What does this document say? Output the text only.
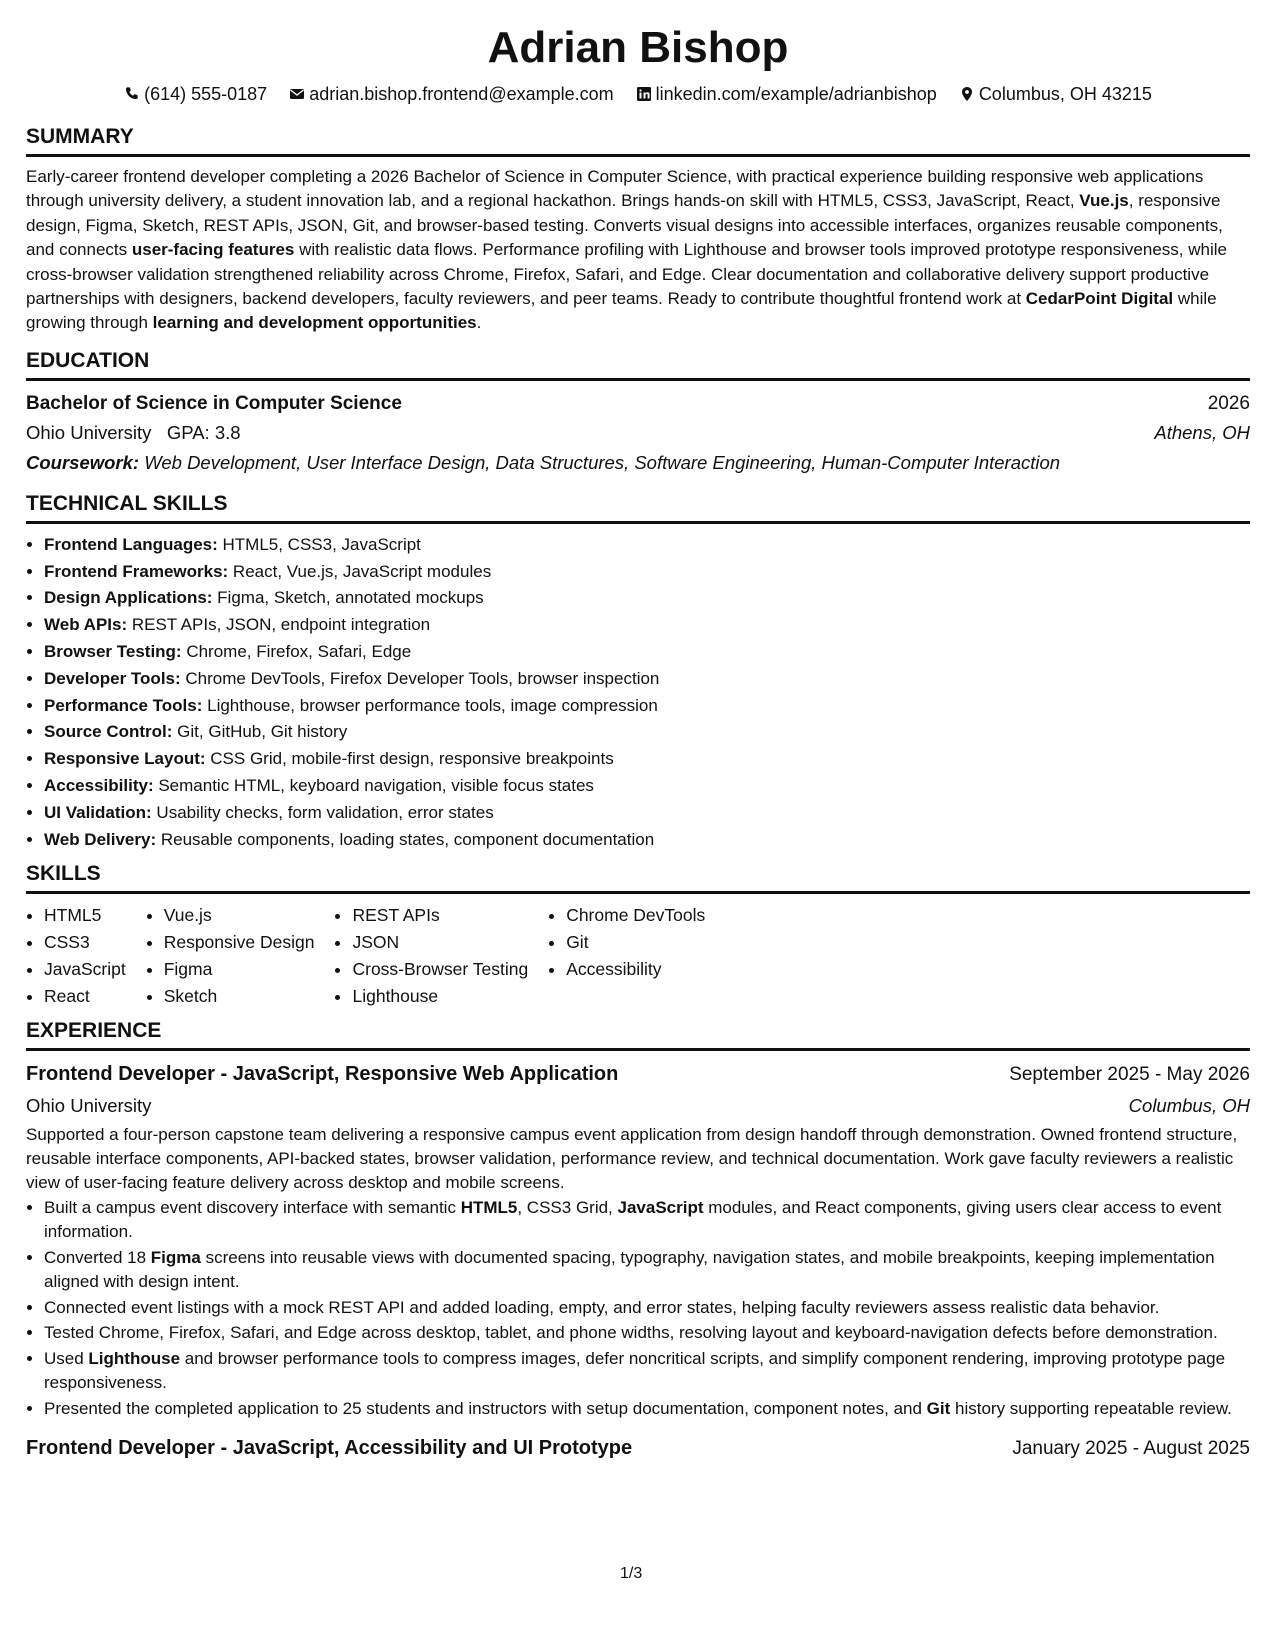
Adrian Bishop
(614) 555-0187 adrian.bishop.frontend@example.com linkedin.com/example/adrianbishop Columbus, OH 43215
SUMMARY

Early-career frontend developer completing a 2026 Bachelor of Science in Computer Science, with practical experience building responsive web applications through university delivery, a student innovation lab, and a regional hackathon. Brings hands-on skill with HTML5, CSS3, JavaScript, React, Vue.js, responsive design, Figma, Sketch, REST APIs, JSON, Git, and browser-based testing. Converts visual designs into accessible interfaces, organizes reusable components, and connects user-facing features with realistic data flows. Performance profiling with Lighthouse and browser tools improved prototype responsiveness, while cross-browser validation strengthened reliability across Chrome, Firefox, Safari, and Edge. Clear documentation and collaborative delivery support productive partnerships with designers, backend developers, faculty reviewers, and peer teams. Ready to contribute thoughtful frontend work at CedarPoint Digital while growing through learning and development opportunities.

EDUCATION
Bachelor of Science in Computer Science	2026
Ohio University GPA: 3.8	Athens, OH
Coursework: Web Development, User Interface Design, Data Structures, Software Engineering, Human-Computer Interaction
TECHNICAL SKILLS
• Frontend Languages: HTML5, CSS3, JavaScript
• Frontend Frameworks: React, Vue.js, JavaScript modules
• Design Applications: Figma, Sketch, annotated mockups
• Web APIs: REST APIs, JSON, endpoint integration
• Browser Testing: Chrome, Firefox, Safari, Edge
• Developer Tools: Chrome DevTools, Firefox Developer Tools, browser inspection
• Performance Tools: Lighthouse, browser performance tools, image compression
• Source Control: Git, GitHub, Git history
• Responsive Layout: CSS Grid, mobile-first design, responsive breakpoints
• Accessibility: Semantic HTML, keyboard navigation, visible focus states
• UI Validation: Usability checks, form validation, error states
• Web Delivery: Reusable components, loading states, component documentation
SKILLS
• HTML5
• CSS3
• JavaScript
• React
• Vue.js
• Responsive Design
• Figma
• Sketch
• REST APIs
• JSON
• Cross-Browser Testing
• Lighthouse
• Chrome DevTools
• Git
• Accessibility
EXPERIENCE
Frontend Developer - JavaScript, Responsive Web Application	September 2025 - May 2026
Ohio University	Columbus, OH

Supported a four-person capstone team delivering a responsive campus event application from design handoff through demonstration. Owned frontend structure, reusable interface components, API-backed states, browser validation, performance review, and technical documentation. Work gave faculty reviewers a realistic view of user-facing feature delivery across desktop and mobile screens.

• Built a campus event discovery interface with semantic HTML5, CSS3 Grid, JavaScript modules, and React components, giving users clear access to event information.
• Converted 18 Figma screens into reusable views with documented spacing, typography, navigation states, and mobile breakpoints, keeping implementation aligned with design intent.
• Connected event listings with a mock REST API and added loading, empty, and error states, helping faculty reviewers assess realistic data behavior.
• Tested Chrome, Firefox, Safari, and Edge across desktop, tablet, and phone widths, resolving layout and keyboard-navigation defects before demonstration.
• Used Lighthouse and browser performance tools to compress images, defer noncritical scripts, and simplify component rendering, improving prototype page responsiveness.
• Presented the completed application to 25 students and instructors with setup documentation, component notes, and Git history supporting repeatable review.
Frontend Developer - JavaScript, Accessibility and UI Prototype	January 2025 - August 2025
1/3
